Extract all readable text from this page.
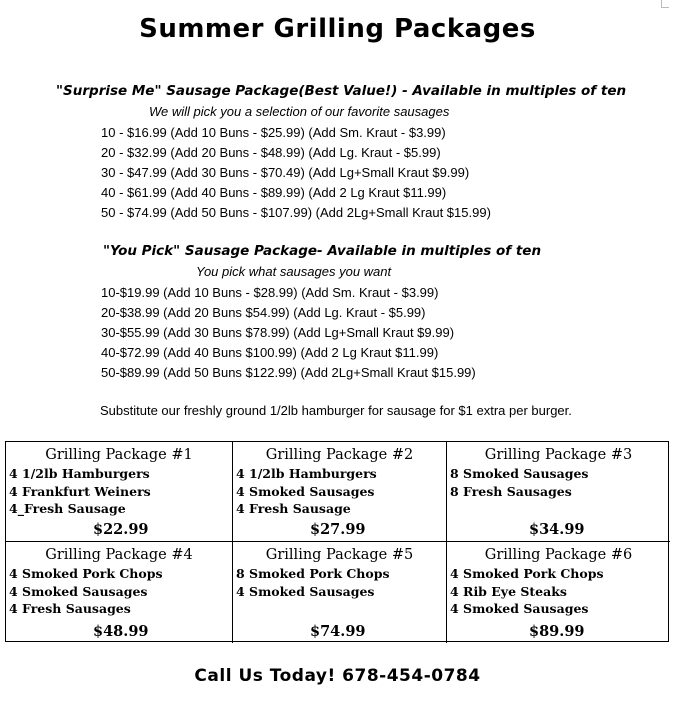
Summer Grilling Packages
"Surprise Me" Sausage Package(Best Value!) - Available in multiples of ten
We will pick you a selection of our favorite sausages
10 - $16.99 (Add 10 Buns - $25.99) (Add Sm. Kraut - $3.99)
20 - $32.99 (Add 20 Buns - $48.99) (Add Lg. Kraut - $5.99)
30 - $47.99 (Add 30 Buns - $70.49) (Add Lg+Small Kraut $9.99)
40 - $61.99 (Add 40 Buns - $89.99) (Add 2 Lg Kraut $11.99)
50 - $74.99 (Add 50 Buns - $107.99) (Add 2Lg+Small Kraut $15.99)
"You Pick" Sausage Package- Available in multiples of ten
You pick what sausages you want
10-$19.99 (Add 10 Buns - $28.99) (Add Sm. Kraut - $3.99)
20-$38.99 (Add 20 Buns $54.99) (Add Lg. Kraut - $5.99)
30-$55.99 (Add 30 Buns $78.99) (Add Lg+Small Kraut $9.99)
40-$72.99 (Add 40 Buns $100.99) (Add 2 Lg Kraut $11.99)
50-$89.99 (Add 50 Buns $122.99) (Add 2Lg+Small Kraut $15.99)
Substitute our freshly ground 1/2lb hamburger for sausage for $1 extra per burger.
Grilling Package #1
4 1/2lb Hamburgers
4 Frankfurt Weiners
4_Fresh Sausage
$22.99
Grilling Package #2
4 1/2lb Hamburgers
4 Smoked Sausages
4 Fresh Sausage
$27.99
Grilling Package #3
8 Smoked Sausages
8 Fresh Sausages
$34.99
Grilling Package #4
4 Smoked Pork Chops
4 Smoked Sausages
4 Fresh Sausages
$48.99
Grilling Package #5
8 Smoked Pork Chops
4 Smoked Sausages
$74.99
Grilling Package #6
4 Smoked Pork Chops
4 Rib Eye Steaks
4 Smoked Sausages
$89.99
Call Us Today! 678-454-0784
